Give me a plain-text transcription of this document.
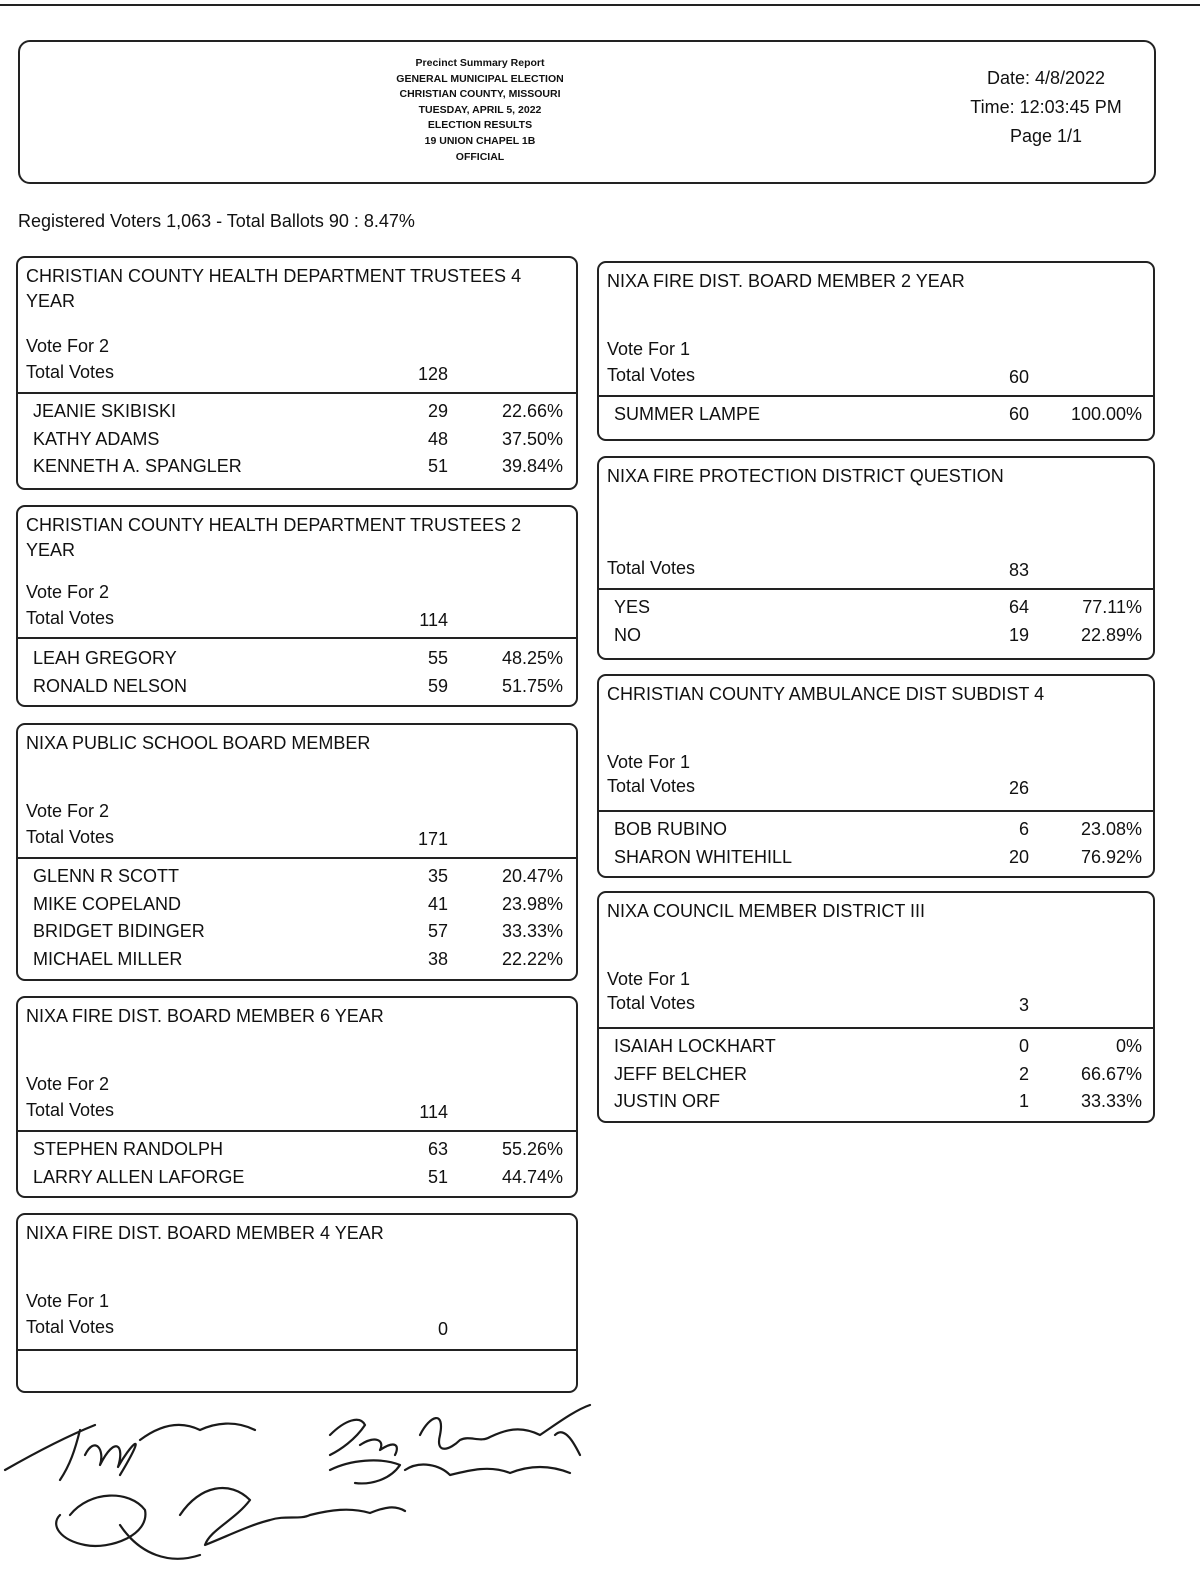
Precinct Summary Report
GENERAL MUNICIPAL ELECTION
CHRISTIAN COUNTY, MISSOURI
TUESDAY, APRIL 5, 2022
ELECTION RESULTS
19 UNION CHAPEL 1B
OFFICIAL
Date: 4/8/2022
Time: 12:03:45 PM
Page 1/1
Registered Voters 1,063 - Total Ballots 90 : 8.47%
CHRISTIAN COUNTY HEALTH DEPARTMENT TRUSTEES 4 YEAR
Vote For 2
Total Votes	128
JEANIE SKIBISKI	29	22.66%
KATHY ADAMS	48	37.50%
KENNETH A. SPANGLER	51	39.84%
CHRISTIAN COUNTY HEALTH DEPARTMENT TRUSTEES 2 YEAR
Vote For 2
Total Votes	114
LEAH GREGORY	55	48.25%
RONALD NELSON	59	51.75%
NIXA PUBLIC SCHOOL BOARD MEMBER
Vote For 2
Total Votes	171
GLENN R SCOTT	35	20.47%
MIKE COPELAND	41	23.98%
BRIDGET BIDINGER	57	33.33%
MICHAEL MILLER	38	22.22%
NIXA FIRE DIST. BOARD MEMBER 6 YEAR
Vote For 2
Total Votes	114
STEPHEN RANDOLPH	63	55.26%
LARRY ALLEN LAFORGE	51	44.74%
NIXA FIRE DIST. BOARD MEMBER 4 YEAR
Vote For 1
Total Votes	0
NIXA FIRE DIST. BOARD MEMBER 2 YEAR
Vote For 1
Total Votes	60
SUMMER LAMPE	60	100.00%
NIXA FIRE PROTECTION DISTRICT QUESTION
Total Votes	83
YES	64	77.11%
NO	19	22.89%
CHRISTIAN COUNTY AMBULANCE DIST SUBDIST 4
Vote For 1
Total Votes	26
BOB RUBINO	6	23.08%
SHARON WHITEHILL	20	76.92%
NIXA COUNCIL MEMBER DISTRICT III
Vote For 1
Total Votes	3
ISAIAH LOCKHART	0	0%
JEFF BELCHER	2	66.67%
JUSTIN ORF	1	33.33%
